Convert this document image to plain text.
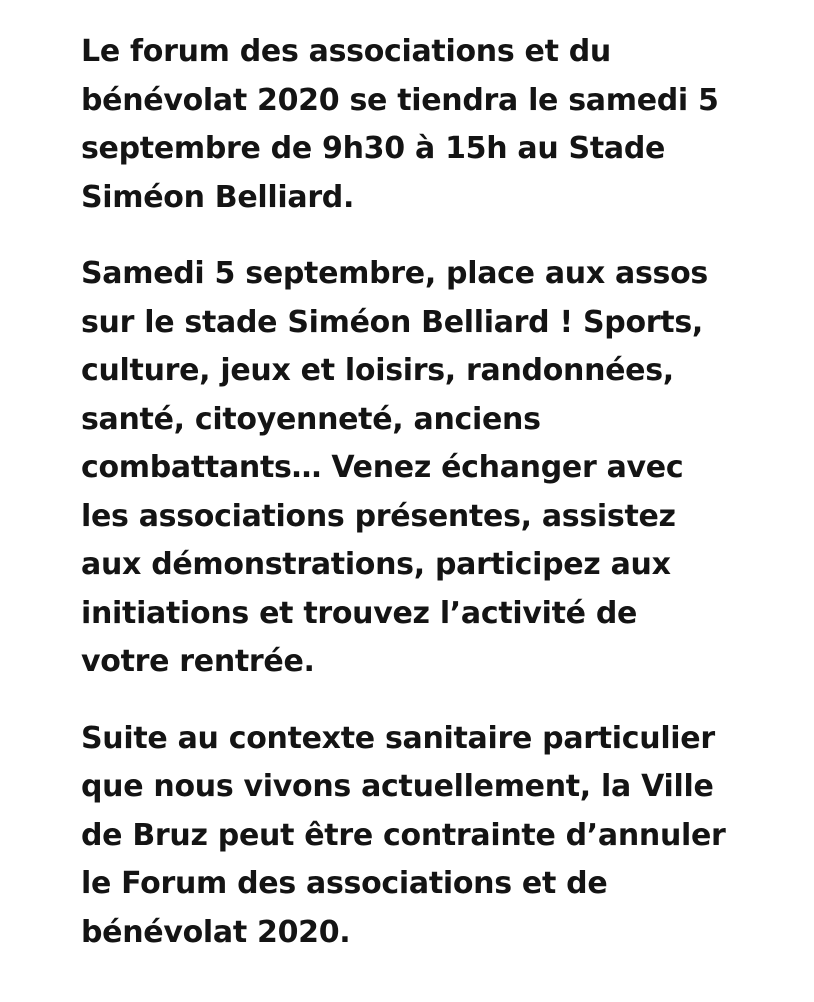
Le forum des associations et du
bénévolat 2020 se tiendra le samedi 5
septembre de 9h30 à 15h au Stade
Siméon Belliard.

Samedi 5 septembre, place aux assos
sur le stade Siméon Belliard ! Sports,
culture, jeux et loisirs, randonnées,
santé, citoyenneté, anciens
combattants… Venez échanger avec
les associations présentes, assistez
aux démonstrations, participez aux
initiations et trouvez l’activité de
votre rentrée.

Suite au contexte sanitaire particulier
que nous vivons actuellement, la Ville
de Bruz peut être contrainte d’annuler
le Forum des associations et de
bénévolat 2020.
